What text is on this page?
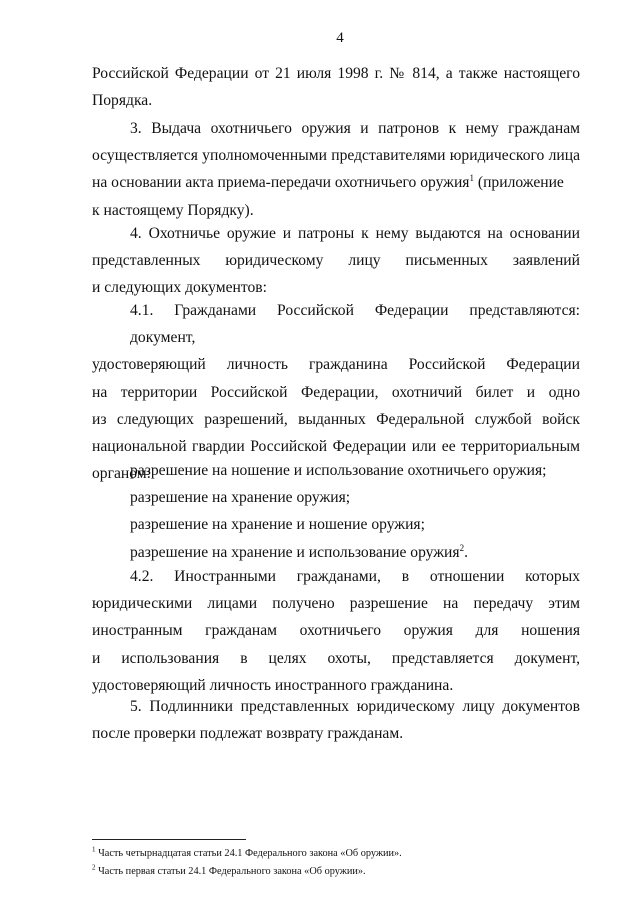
4
Российской Федерации от 21 июля 1998 г. № 814, а также настоящего
Порядка.
3. Выдача охотничьего оружия и патронов к нему гражданам
осуществляется уполномоченными представителями юридического лица
на основании акта приема-передачи охотничьего оружия$^1$ (приложение
к настоящему Порядку).
4. Охотничье оружие и патроны к нему выдаются на основании
представленных юридическому лицу письменных заявлений
и следующих документов:
4.1. Гражданами Российской Федерации представляются: документ,
удостоверяющий личность гражданина Российской Федерации
на территории Российской Федерации, охотничий билет и одно
из следующих разрешений, выданных Федеральной службой войск
национальной гвардии Российской Федерации или ее территориальным
органом:
разрешение на ношение и использование охотничьего оружия;
разрешение на хранение оружия;
разрешение на хранение и ношение оружия;
разрешение на хранение и использование оружия$^2$.
4.2. Иностранными гражданами, в отношении которых
юридическими лицами получено разрешение на передачу этим
иностранным гражданам охотничьего оружия для ношения
и использования в целях охоты, представляется документ,
удостоверяющий личность иностранного гражданина.
5. Подлинники представленных юридическому лицу документов
после проверки подлежат возврату гражданам.
$^1$ Часть четырнадцатая статьи 24.1 Федерального закона «Об оружии».
$^2$ Часть первая статьи 24.1 Федерального закона «Об оружии».
